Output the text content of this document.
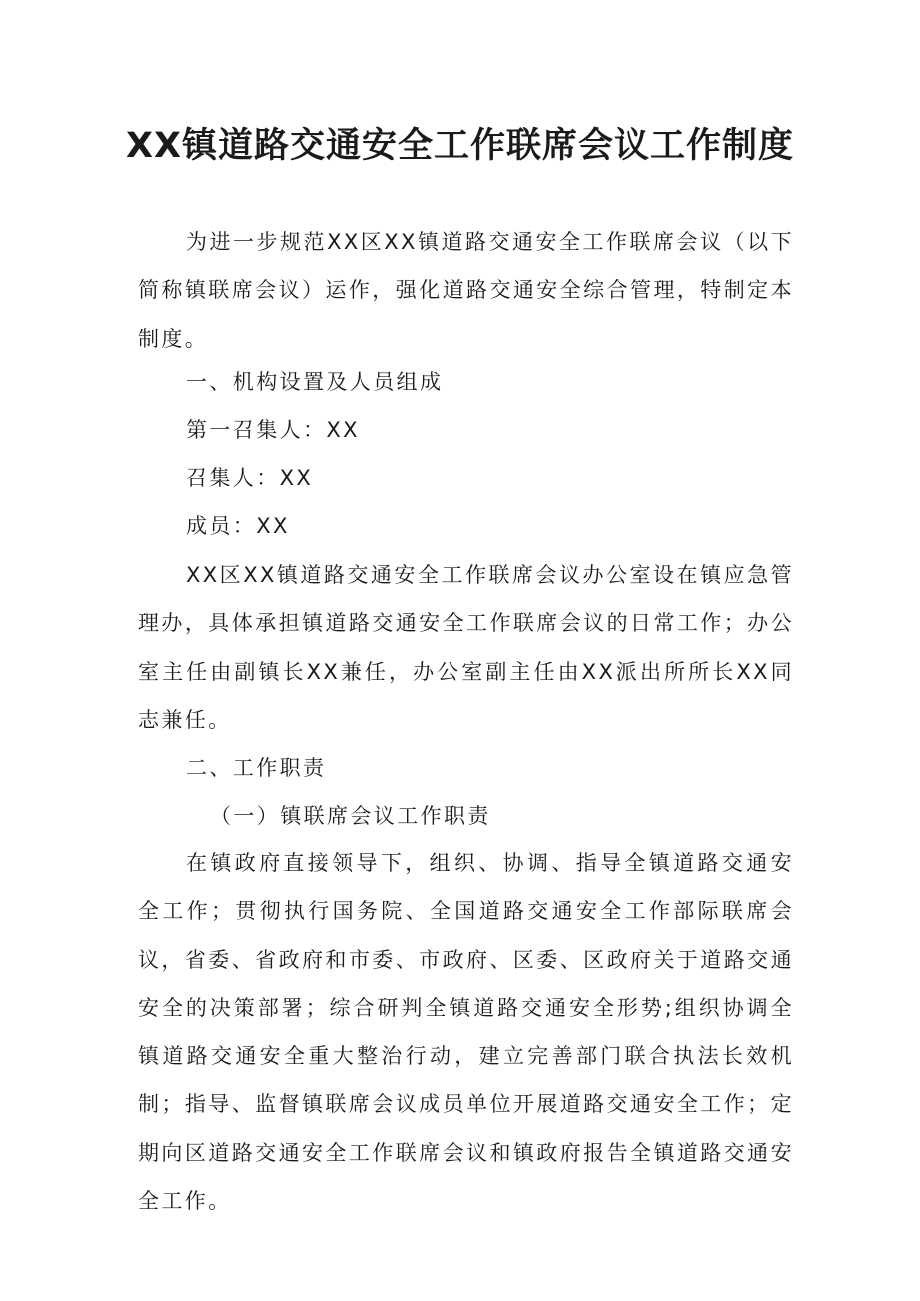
XX镇道路交通安全工作联席会议工作制度

为进一步规范XX区XX镇道路交通安全工作联席会议（以下简称镇联席会议）运作，强化道路交通安全综合管理，特制定本制度。

一、机构设置及人员组成

第一召集人：XX

召集人：XX

成员：XX

XX区XX镇道路交通安全工作联席会议办公室设在镇应急管理办，具体承担镇道路交通安全工作联席会议的日常工作；办公室主任由副镇长XX兼任，办公室副主任由XX派出所所长XX同志兼任。

二、工作职责

（一）镇联席会议工作职责

在镇政府直接领导下，组织、协调、指导全镇道路交通安全工作；贯彻执行国务院、全国道路交通安全工作部际联席会议，省委、省政府和市委、市政府、区委、区政府关于道路交通安全的决策部署；综合研判全镇道路交通安全形势;组织协调全镇道路交通安全重大整治行动，建立完善部门联合执法长效机制；指导、监督镇联席会议成员单位开展道路交通安全工作；定期向区道路交通安全工作联席会议和镇政府报告全镇道路交通安全工作。
